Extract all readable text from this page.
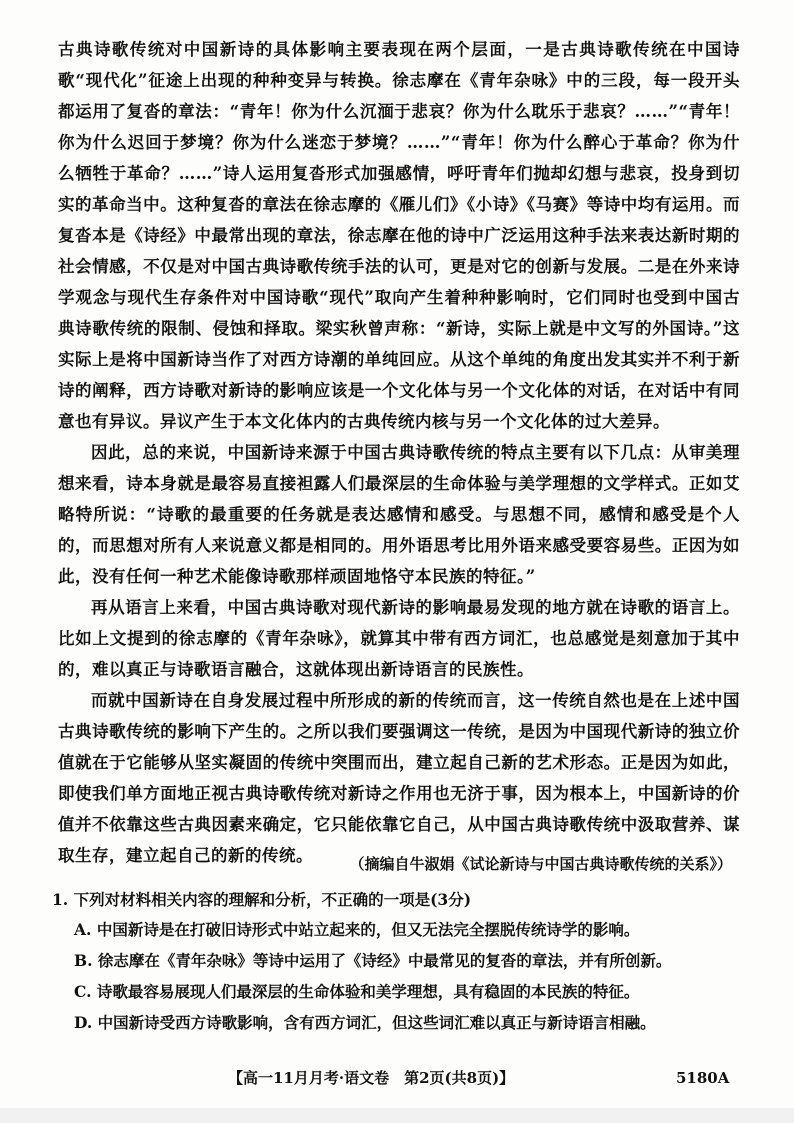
古典诗歌传统对中国新诗的具体影响主要表现在两个层面，一是古典诗歌传统在中国诗歌“现代化”征途上出现的种种变异与转换。徐志摩在《青年杂咏》中的三段，每一段开头都运用了复沓的章法：“青年！你为什么沉湎于悲哀？你为什么耽乐于悲哀？……”“青年！你为什么迟回于梦境？你为什么迷恋于梦境？……”“青年！你为什么醉心于革命？你为什么牺牲于革命？……”诗人运用复沓形式加强感情，呼吁青年们抛却幻想与悲哀，投身到切实的革命当中。这种复沓的章法在徐志摩的《雁儿们》《小诗》《马赛》等诗中均有运用。而复沓本是《诗经》中最常出现的章法，徐志摩在他的诗中广泛运用这种手法来表达新时期的社会情感，不仅是对中国古典诗歌传统手法的认可，更是对它的创新与发展。二是在外来诗学观念与现代生存条件对中国诗歌“现代”取向产生着种种影响时，它们同时也受到中国古典诗歌传统的限制、侵蚀和择取。梁实秋曾声称：“新诗，实际上就是中文写的外国诗。”这实际上是将中国新诗当作了对西方诗潮的单纯回应。从这个单纯的角度出发其实并不利于新诗的阐释，西方诗歌对新诗的影响应该是一个文化体与另一个文化体的对话，在对话中有同意也有异议。异议产生于本文化体内的古典传统内核与另一个文化体的过大差异。

因此，总的来说，中国新诗来源于中国古典诗歌传统的特点主要有以下几点：从审美理想来看，诗本身就是最容易直接袒露人们最深层的生命体验与美学理想的文学样式。正如艾略特所说：“诗歌的最重要的任务就是表达感情和感受。与思想不同，感情和感受是个人的，而思想对所有人来说意义都是相同的。用外语思考比用外语来感受要容易些。正因为如此，没有任何一种艺术能像诗歌那样顽固地恪守本民族的特征。”

再从语言上来看，中国古典诗歌对现代新诗的影响最易发现的地方就在诗歌的语言上。比如上文提到的徐志摩的《青年杂咏》，就算其中带有西方词汇，也总感觉是刻意加于其中的，难以真正与诗歌语言融合，这就体现出新诗语言的民族性。

而就中国新诗在自身发展过程中所形成的新的传统而言，这一传统自然也是在上述中国古典诗歌传统的影响下产生的。之所以我们要强调这一传统，是因为中国现代新诗的独立价值就在于它能够从坚实凝固的传统中突围而出，建立起自己新的艺术形态。正是因为如此，即使我们单方面地正视古典诗歌传统对新诗之作用也无济于事，因为根本上，中国新诗的价值并不依靠这些古典因素来确定，它只能依靠它自己，从中国古典诗歌传统中汲取营养、谋取生存，建立起自己的新的传统。	（摘编自牛淑娟《试论新诗与中国古典诗歌传统的关系》）
1. 下列对材料相关内容的理解和分析，不正确的一项是(3分)
A. 中国新诗是在打破旧诗形式中站立起来的，但又无法完全摆脱传统诗学的影响。
B. 徐志摩在《青年杂咏》等诗中运用了《诗经》中最常见的复沓的章法，并有所创新。
C. 诗歌最容易展现人们最深层的生命体验和美学理想，具有稳固的本民族的特征。
D. 中国新诗受西方诗歌影响，含有西方词汇，但这些词汇难以真正与新诗语言相融。
【高一11月月考·语文卷　第2页(共8页)】	5180A
